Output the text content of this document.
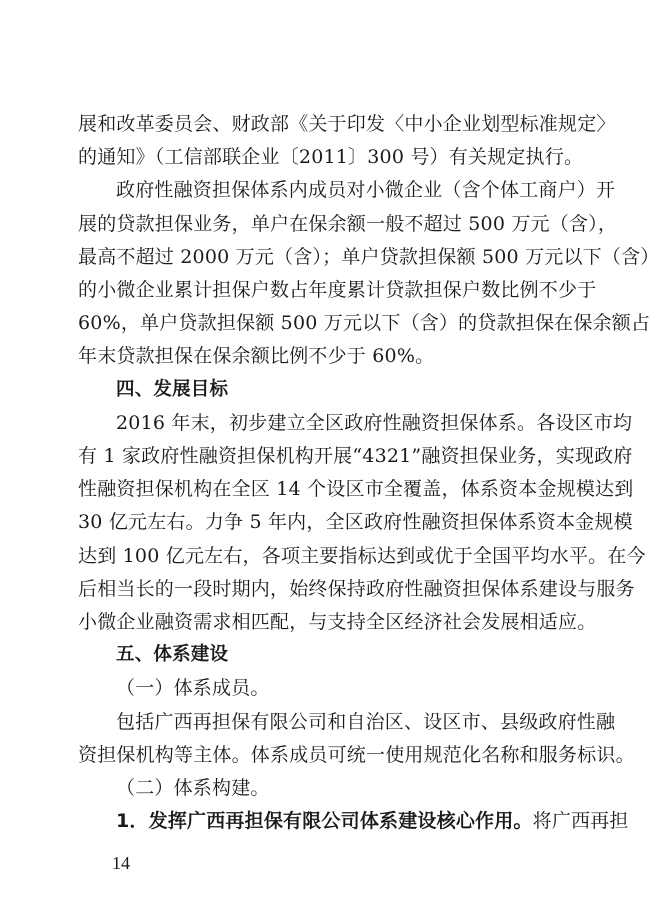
展和改革委员会、财政部《关于印发〈中小企业划型标准规定〉
的通知》（工信部联企业〔2011〕300 号）有关规定执行。
政府性融资担保体系内成员对小微企业（含个体工商户）开
展的贷款担保业务，单户在保余额一般不超过 500 万元（含），
最高不超过 2000 万元（含）；单户贷款担保额 500 万元以下（含）
的小微企业累计担保户数占年度累计贷款担保户数比例不少于
60%，单户贷款担保额 500 万元以下（含）的贷款担保在保余额占
年末贷款担保在保余额比例不少于 60%。
四、发展目标
2016 年末，初步建立全区政府性融资担保体系。各设区市均
有 1 家政府性融资担保机构开展“4321”融资担保业务，实现政府
性融资担保机构在全区 14 个设区市全覆盖，体系资本金规模达到
30 亿元左右。力争 5 年内，全区政府性融资担保体系资本金规模
达到 100 亿元左右，各项主要指标达到或优于全国平均水平。在今
后相当长的一段时期内，始终保持政府性融资担保体系建设与服务
小微企业融资需求相匹配，与支持全区经济社会发展相适应。
五、体系建设
（一）体系成员。
包括广西再担保有限公司和自治区、设区市、县级政府性融
资担保机构等主体。体系成员可统一使用规范化名称和服务标识。
（二）体系构建。
1．发挥广西再担保有限公司体系建设核心作用。将广西再担
14
